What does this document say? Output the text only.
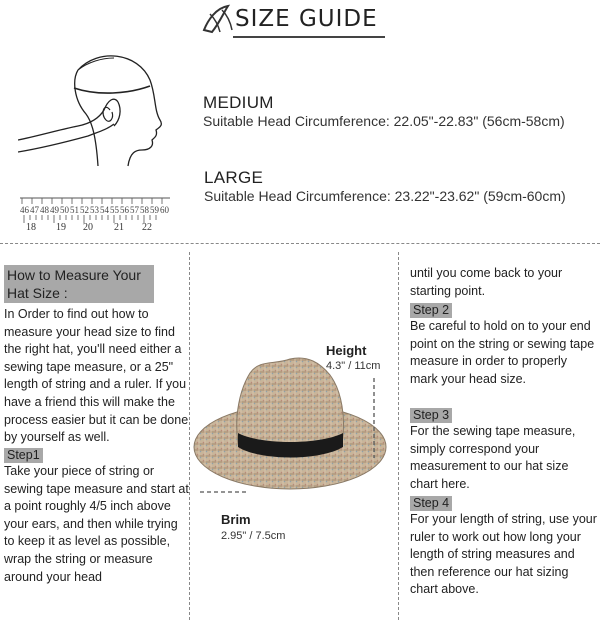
SIZE GUIDE
46 47 48 49 50 51 52 53 54 55 56 57 58 59 60
18 19 20 21 22
MEDIUM
Suitable Head Circumference: 22.05"-22.83" (56cm-58cm)
LARGE
Suitable Head Circumference: 23.22"-23.62" (59cm-60cm)
How to Measure Your Hat Size :
In Order to find out how to measure your head size to find the right hat, you'll need either a sewing tape measure, or a 25" length of string and a ruler. If you have a friend this will make the process easier but it can be done by yourself as well.
Step1
Take your piece of string or sewing tape measure and start at a point roughly 4/5 inch above your ears, and then while trying to keep it as level as possible, wrap the string or measure around your head
Height
4.3" / 11cm
Brim
2.95" / 7.5cm
until you come back to your starting point.
Step 2
Be careful to hold on to your end point on the string or sewing tape measure in order to properly mark your head size.
Step 3
For the sewing tape measure, simply correspond your measurement to our hat size chart here.
Step 4
For your length of string, use your ruler to work out how long your length of string measures and then reference our hat sizing chart above.
